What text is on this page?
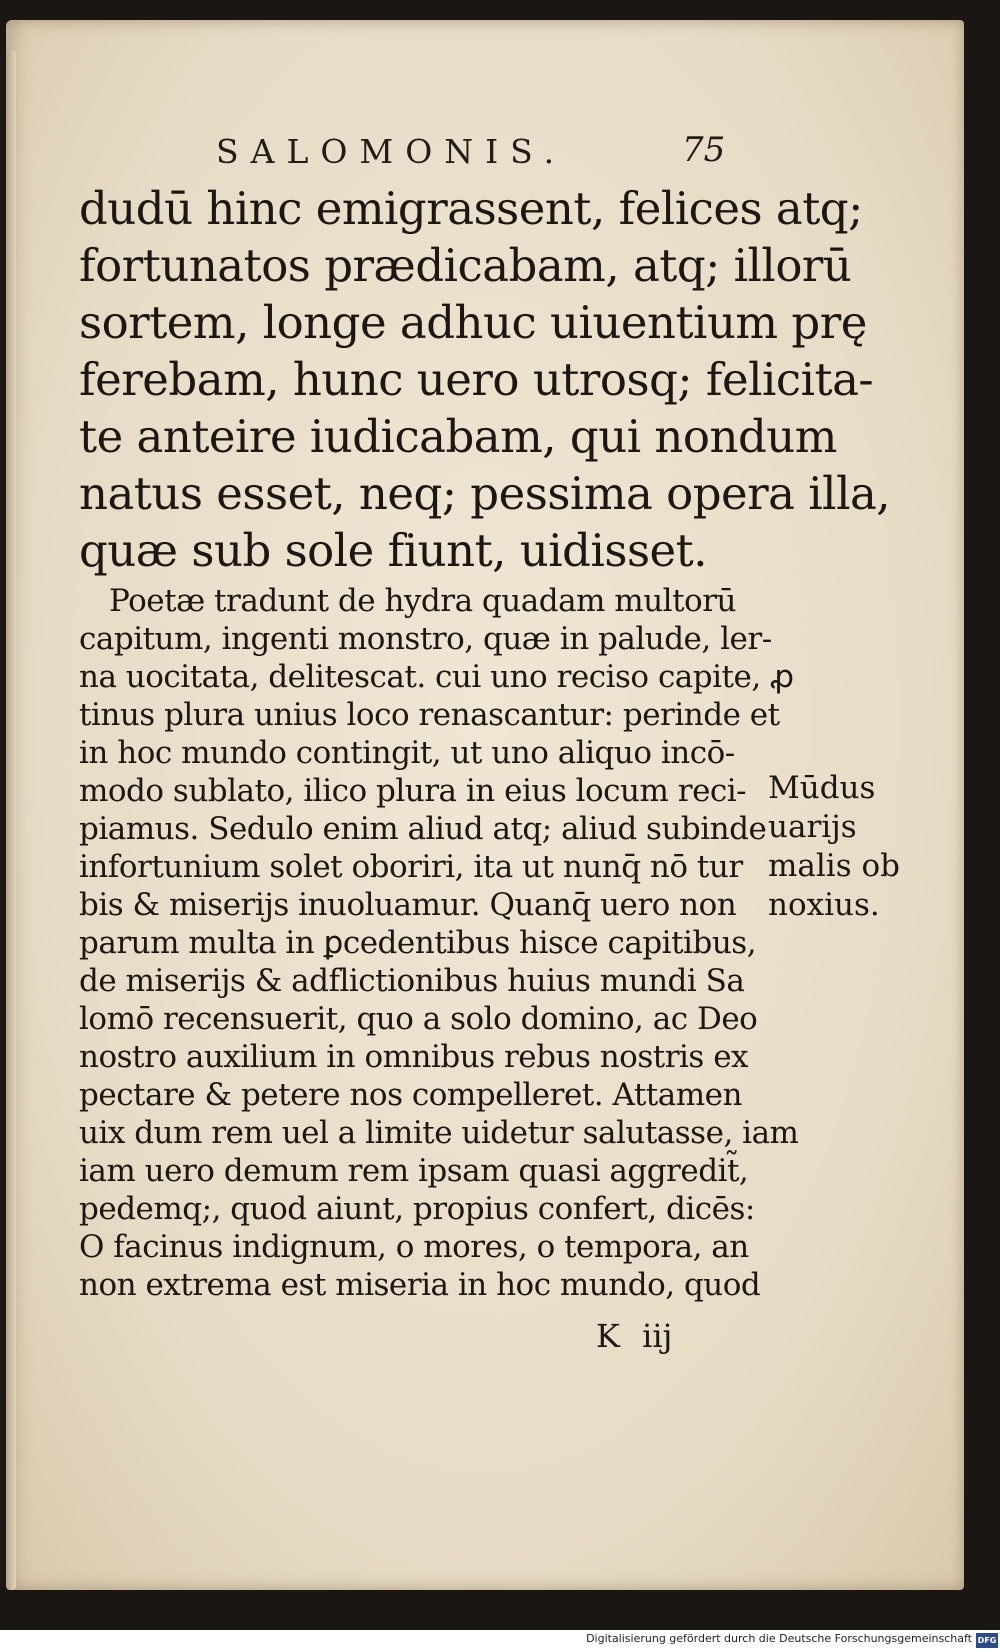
SALOMONIS.	75
dudū hinc emigrassent, felices atq;
fortunatos prædicabam, atq; illorū
sortem, longe adhuc uiuentium prę
ferebam, hunc uero utrosq; felicita-
te anteire iudicabam, qui nondum
natus esset, neq; pessima opera illa,
quæ sub sole fiunt, uidisset.
Poetæ tradunt de hydra quadam multorū
capitum, ingenti monstro, quæ in palude, ler-
na uocitata, delitescat. cui uno reciso capite, ꝓ
tinus plura unius loco renascantur: perinde et
in hoc mundo contingit, ut uno aliquo incō-
modo sublato, ilico plura in eius locum reci-
piamus. Sedulo enim aliud atq; aliud subinde
infortunium solet oboriri, ita ut nunq̄ nō tur
bis & miserijs inuoluamur. Quanq̄ uero non
parum multa in ꝑcedentibus hisce capitibus,
de miserijs & adflictionibus huius mundi Sa
lomō recensuerit, quo a solo domino, ac Deo
nostro auxilium in omnibus rebus nostris ex
pectare & petere nos compelleret. Attamen
uix dum rem uel a limite uidetur salutasse, iam
iam uero demum rem ipsam quasi aggredit̃,
pedemq;, quod aiunt, propius confert, dicēs:
O facinus indignum, o mores, o tempora, an
non extrema est miseria in hoc mundo, quod
Mūdus
uarijs
malis ob
noxius.
K iij
Digitalisierung gefördert durch die Deutsche Forschungsgemeinschaft DFG
